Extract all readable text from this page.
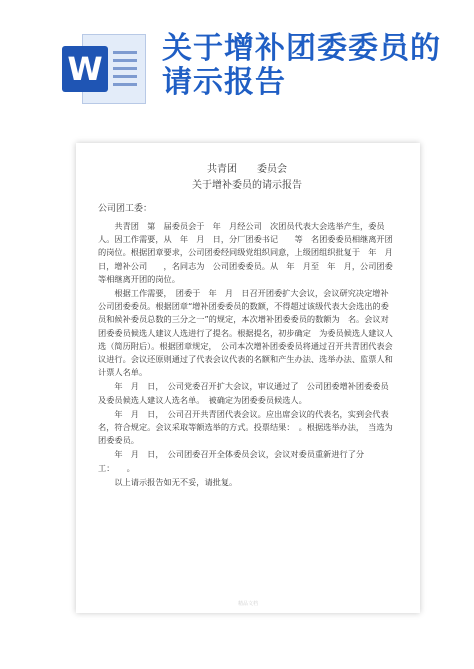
W
关于增补团委委员的请示报告
共青团　　委员会
关于增补委员的请示报告
公司团工委：
　　共青团　第　届委员会于　年　月经公司　次团员代表大会选举产生，委员　人。因工作需要，从　年　月　日，分厂团委书记　　等　名团委委员相继离开团的岗位。根据团章要求，公司团委经同级党组织同意，上级团组织批复于　年　月　日，增补公司　　，名同志为　公司团委委员。从　年　月至　年　月，公司团委　等相继离开团的岗位。
　　根据工作需要，　团委于　年　月　日召开团委扩大会议，会议研究决定增补公司团委委员。根据团章“增补团委委员的数额，不得超过该级代表大会选出的委员和候补委员总数的三分之一”的规定，本次增补团委委员的数额为　名。会议对团委委员候选人建议人选进行了提名。根据提名，初步确定　为委员候选人建议人选（简历附后）。根据团章规定，　公司本次增补团委委员将通过召开共青团代表会议进行。会议还原则通过了代表会议代表的名额和产生办法、选举办法、监票人和计票人名单。
　　年　月　日，　公司党委召开扩大会议，审议通过了　公司团委增补团委委员及委员候选人建议人选名单。　被确定为团委委员候选人。
　　年　月　日，　公司召开共青团代表会议。应出席会议的代表名，实到会代表　名，符合规定。会议采取等额选举的方式。投票结果：　。根据选举办法，　当选为团委委员。
　　年　月　日，　公司团委召开全体委员会议，会议对委员重新进行了分工：　　。
　　以上请示报告如无不妥，请批复。
精品文档
